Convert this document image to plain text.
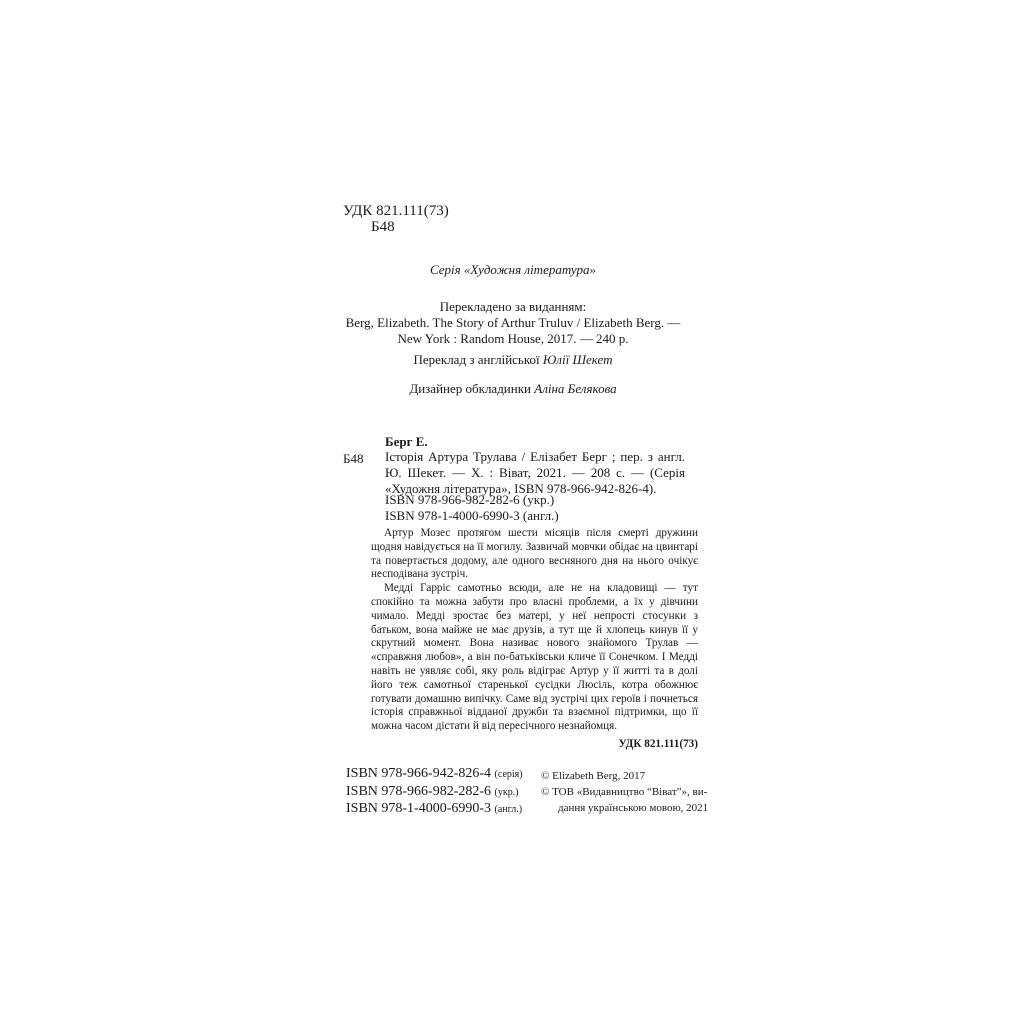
УДК 821.111(73)
Б48
Серія «Художня література»
Перекладено за виданням:
Berg, Elizabeth. The Story of Arthur Truluv / Elizabeth Berg. —
New York : Random House, 2017. — 240 p.
Переклад з англійської Юлії Шекет
Дизайнер обкладинки Аліна Белякова
Берг Е.
Б48 Історія Артура Трулава / Елізабет Берг ; пер. з англ. Ю. Шекет. — Х. : Віват, 2021. — 208 с. — (Серія «Художня література», ISBN 978-966-942-826-4).
ISBN 978-966-982-282-6 (укр.)
ISBN 978-1-4000-6990-3 (англ.)

Артур Мозес протягом шести місяців після смерті дружини щодня навідується на її могилу. Зазвичай мовчки обідає на цвинтарі та повертається додому, але одного весняного дня на нього очікує несподівана зустріч.

Медді Гарріс самотньо всюди, але не на кладовищі — тут спокійно та можна забути про власні проблеми, а їх у дівчини чимало. Медді зростає без матері, у неї непрості стосунки з батьком, вона майже не має друзів, а тут ще й хлопець кинув її у скрутний момент. Вона називає нового знайомого Трулав — «справжня любов», а він по-батьківськи кличе її Сонечком. І Медді навіть не уявляє собі, яку роль відіграє Артур у її житті та в долі його теж самотньої старенької сусідки Люсіль, котра обожнює готувати домашню випічку. Саме від зустрічі цих героїв і почнеться історія справжньої відданої дружби та взаємної підтримки, що її можна часом дістати й від пересічного незнайомця.

УДК 821.111(73)

ISBN 978-966-942-826-4 (серія)
ISBN 978-966-982-282-6 (укр.)
ISBN 978-1-4000-6990-3 (англ.)
© Elizabeth Berg, 2017
© ТОВ «Видавництво “Віват”», ви-
дання українською мовою, 2021
